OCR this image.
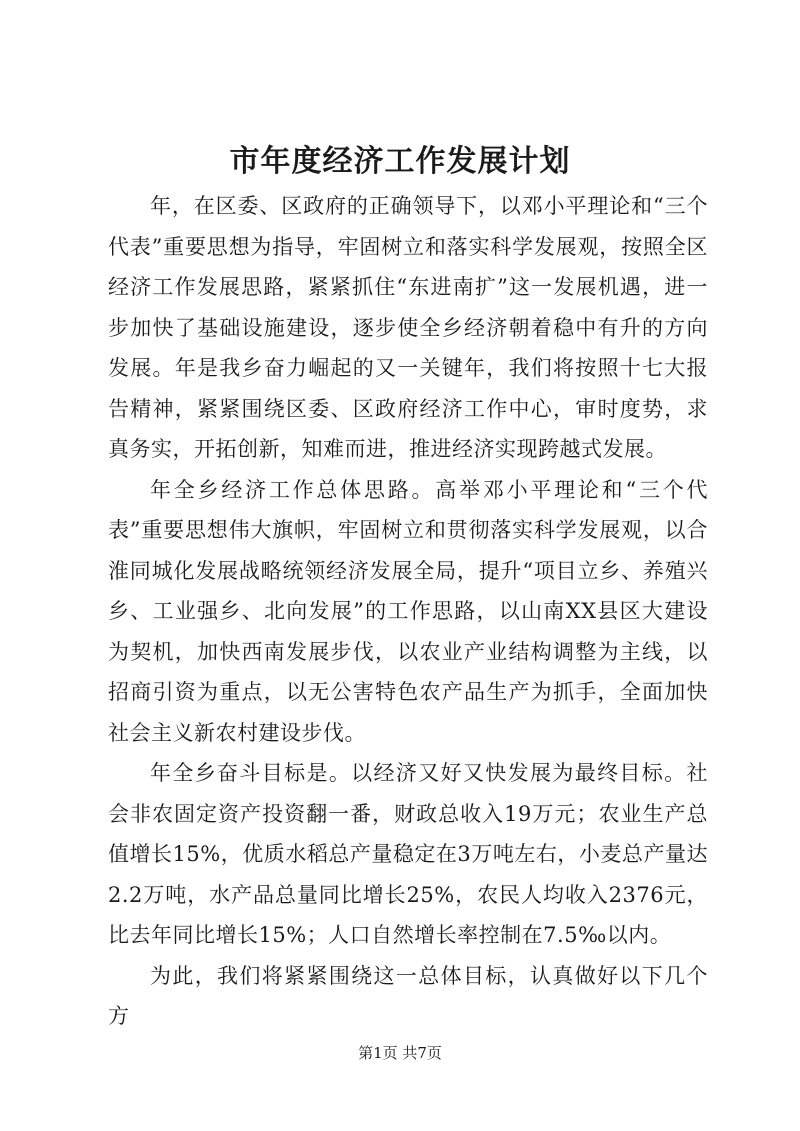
市年度经济工作发展计划

年，在区委、区政府的正确领导下，以邓小平理论和“三个代表”重要思想为指导，牢固树立和落实科学发展观，按照全区经济工作发展思路，紧紧抓住“东进南扩”这一发展机遇，进一步加快了基础设施建设，逐步使全乡经济朝着稳中有升的方向发展。年是我乡奋力崛起的又一关键年，我们将按照十七大报告精神，紧紧围绕区委、区政府经济工作中心，审时度势，求真务实，开拓创新，知难而进，推进经济实现跨越式发展。

年全乡经济工作总体思路。高举邓小平理论和“三个代表”重要思想伟大旗帜，牢固树立和贯彻落实科学发展观，以合淮同城化发展战略统领经济发展全局，提升“项目立乡、养殖兴乡、工业强乡、北向发展”的工作思路，以山南XX县区大建设为契机，加快西南发展步伐，以农业产业结构调整为主线，以招商引资为重点，以无公害特色农产品生产为抓手，全面加快社会主义新农村建设步伐。

年全乡奋斗目标是。以经济又好又快发展为最终目标。社会非农固定资产投资翻一番，财政总收入19万元；农业生产总值增长15%，优质水稻总产量稳定在3万吨左右，小麦总产量达2.2万吨，水产品总量同比增长25%，农民人均收入2376元，比去年同比增长15%；人口自然增长率控制在7.5‰以内。

为此，我们将紧紧围绕这一总体目标，认真做好以下几个方

第1页 共7页
